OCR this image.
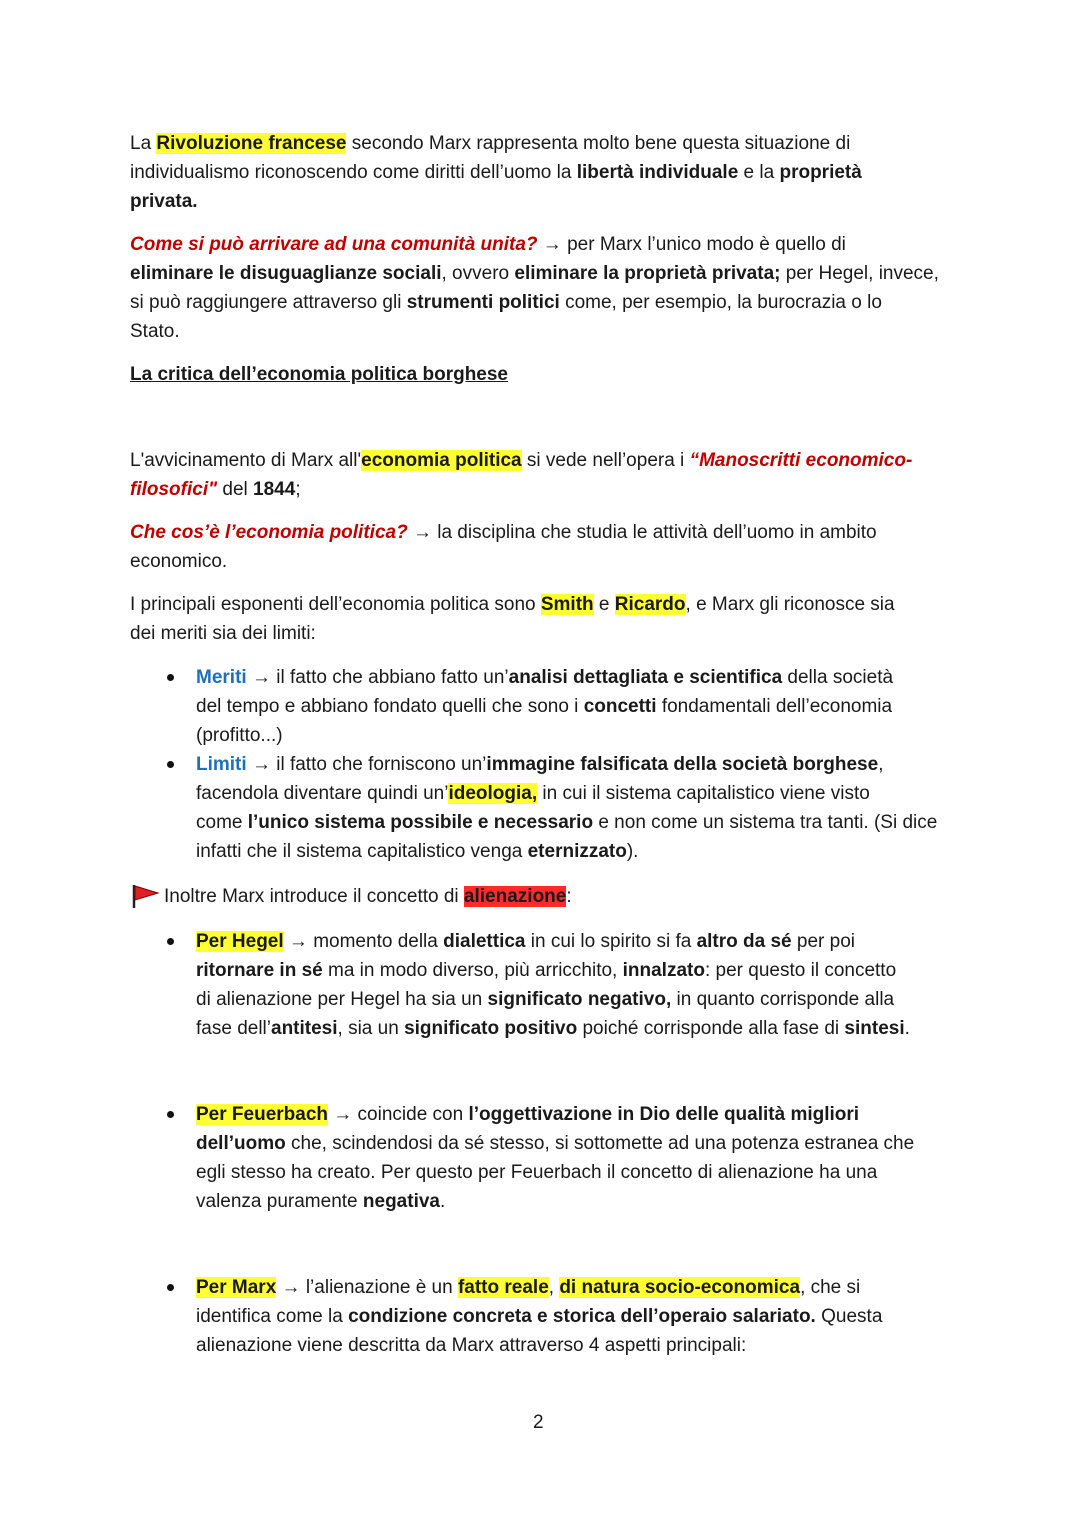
La Rivoluzione francese secondo Marx rappresenta molto bene questa situazione di
individualismo riconoscendo come diritti dell’uomo la libertà individuale e la proprietà
privata.
Come si può arrivare ad una comunità unita? → per Marx l’unico modo è quello di
eliminare le disuguaglianze sociali, ovvero eliminare la proprietà privata; per Hegel, invece,
si può raggiungere attraverso gli strumenti politici come, per esempio, la burocrazia o lo
Stato.
La critica dell’economia politica borghese
L'avvicinamento di Marx all'economia politica si vede nell’opera i “Manoscritti economico-
filosofici" del 1844;
Che cos’è l’economia politica? → la disciplina che studia le attività dell’uomo in ambito
economico.
I principali esponenti dell’economia politica sono Smith e Ricardo, e Marx gli riconosce sia
dei meriti sia dei limiti:
Meriti → il fatto che abbiano fatto un’analisi dettagliata e scientifica della società
del tempo e abbiano fondato quelli che sono i concetti fondamentali dell’economia
(profitto...)
Limiti → il fatto che forniscono un’immagine falsificata della società borghese,
facendola diventare quindi un’ideologia, in cui il sistema capitalistico viene visto
come l’unico sistema possibile e necessario e non come un sistema tra tanti. (Si dice
infatti che il sistema capitalistico venga eternizzato).
Inoltre Marx introduce il concetto di alienazione:
Per Hegel → momento della dialettica in cui lo spirito si fa altro da sé per poi
ritornare in sé ma in modo diverso, più arricchito, innalzato: per questo il concetto
di alienazione per Hegel ha sia un significato negativo, in quanto corrisponde alla
fase dell’antitesi, sia un significato positivo poiché corrisponde alla fase di sintesi.
Per Feuerbach → coincide con l’oggettivazione in Dio delle qualità migliori
dell’uomo che, scindendosi da sé stesso, si sottomette ad una potenza estranea che
egli stesso ha creato. Per questo per Feuerbach il concetto di alienazione ha una
valenza puramente negativa.
Per Marx → l’alienazione è un fatto reale, di natura socio-economica, che si
identifica come la condizione concreta e storica dell’operaio salariato. Questa
alienazione viene descritta da Marx attraverso 4 aspetti principali:
2
